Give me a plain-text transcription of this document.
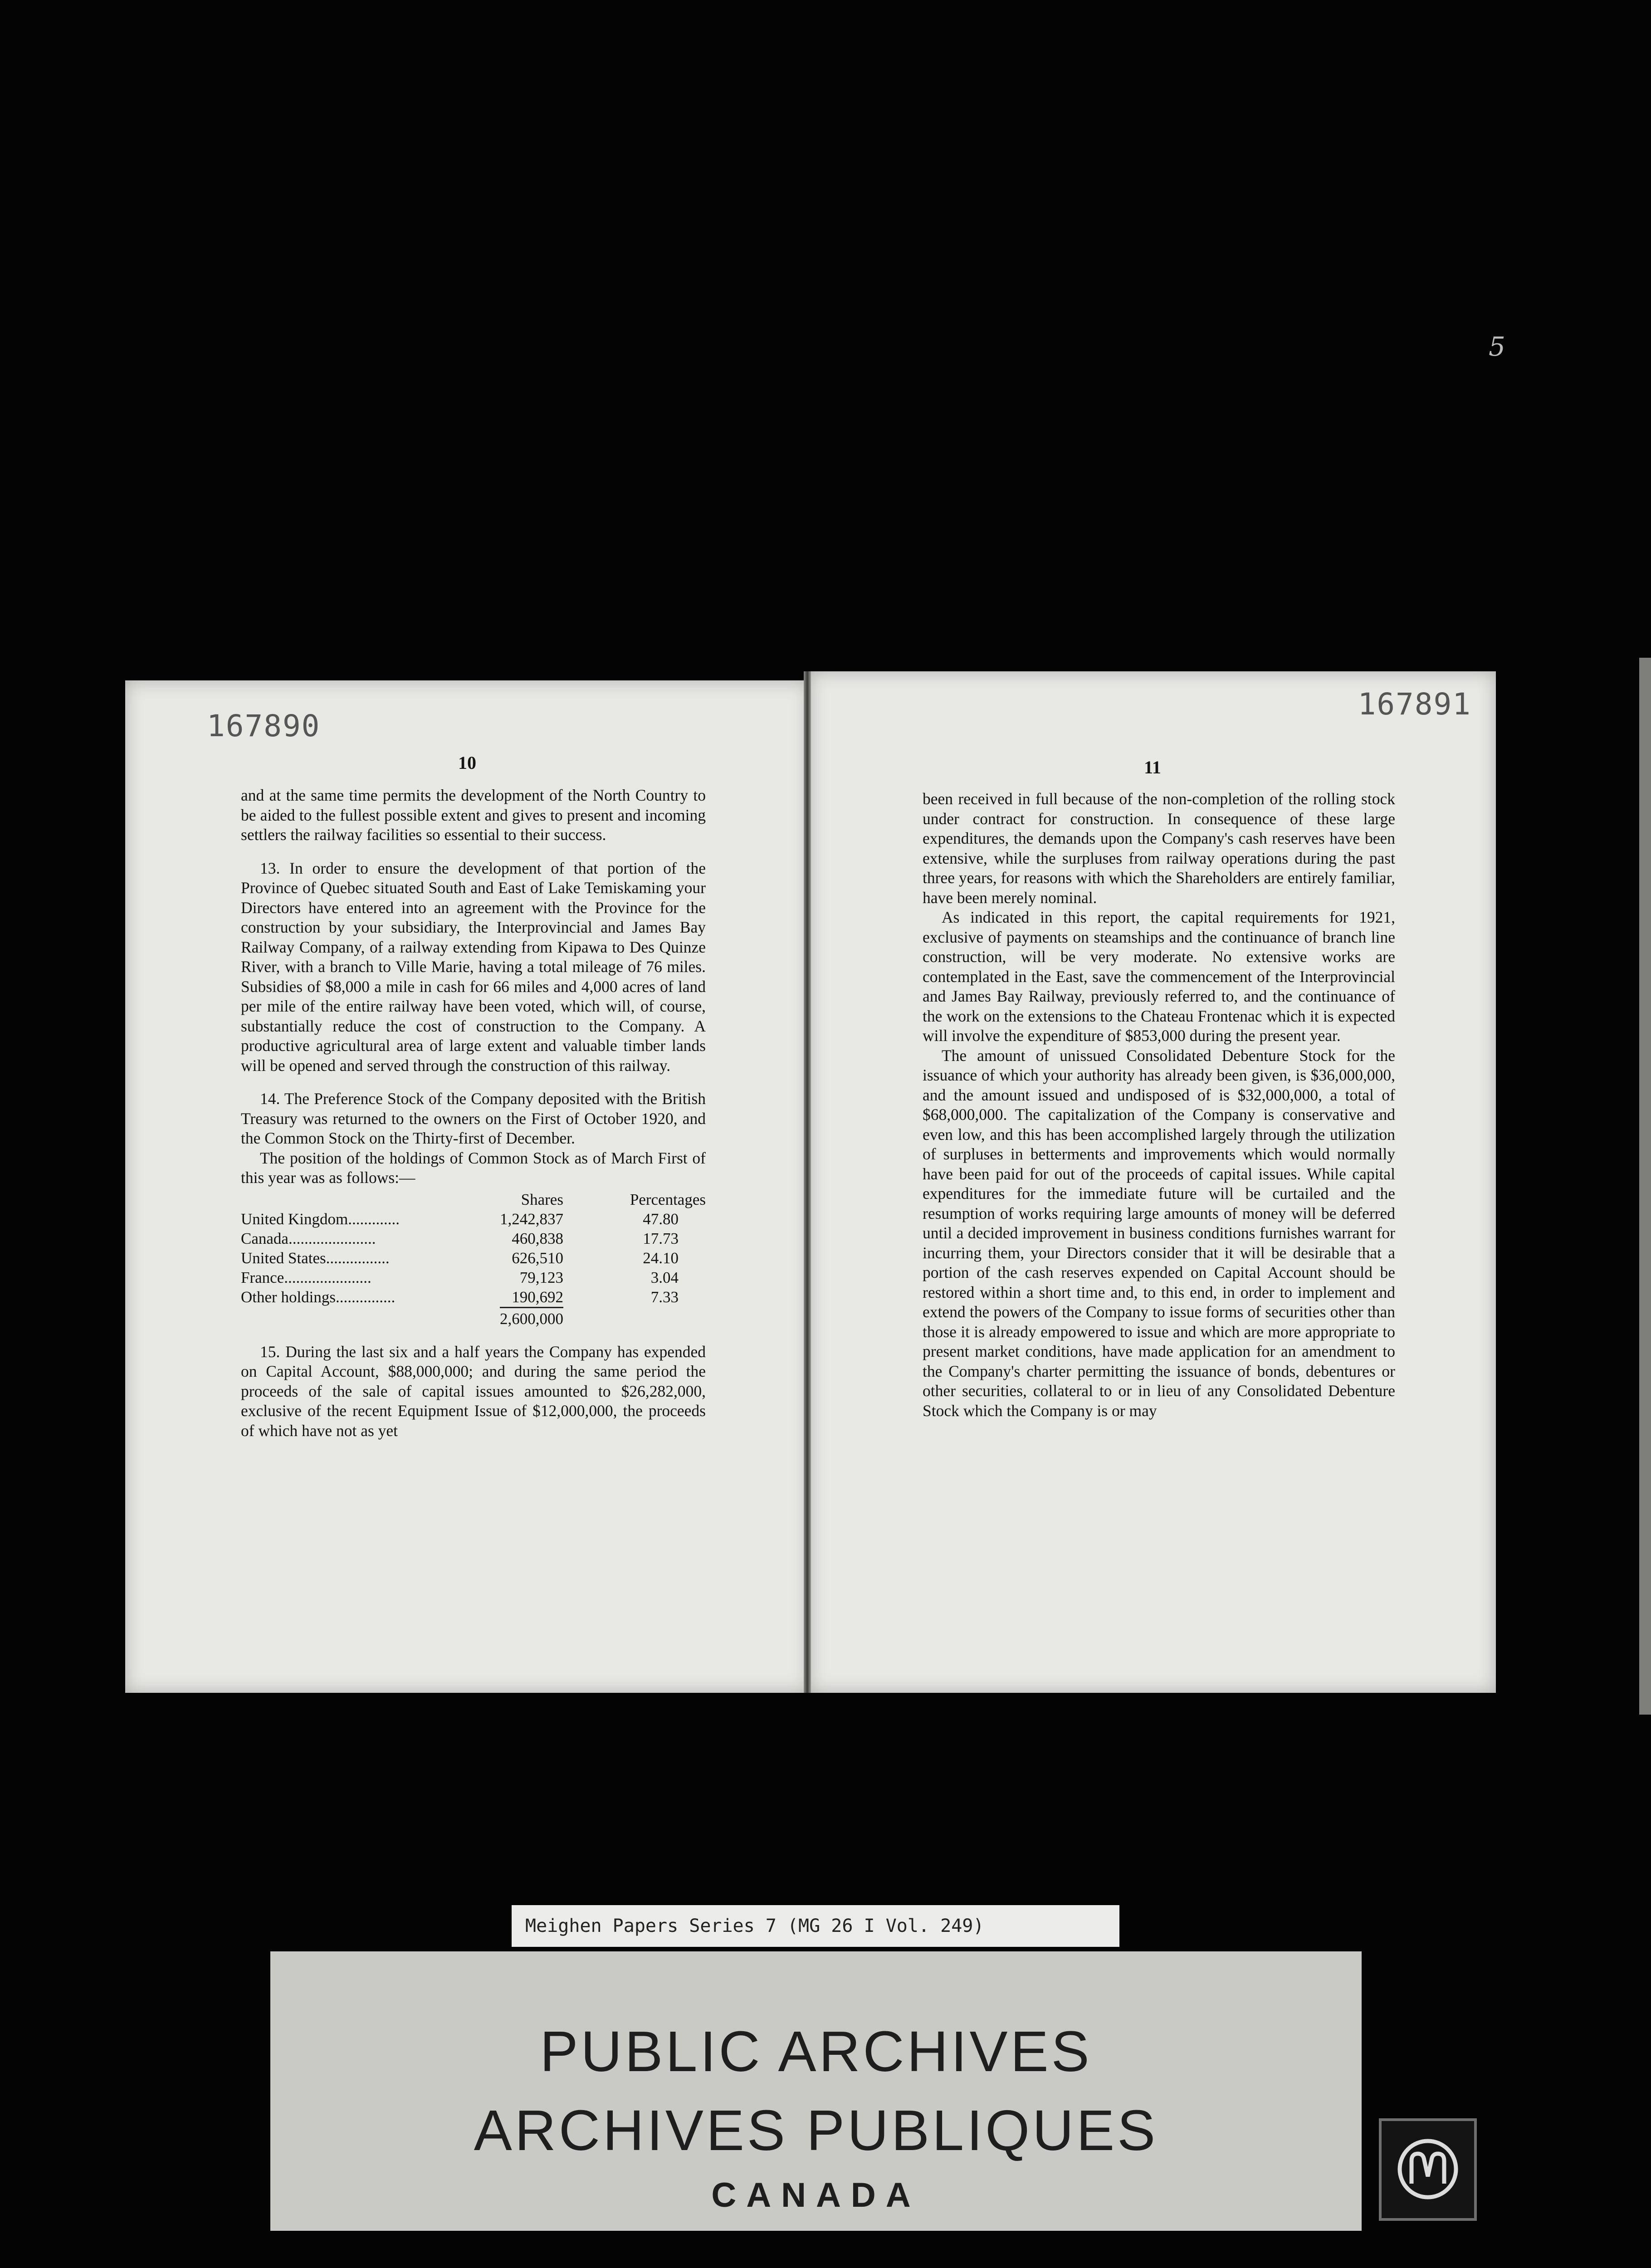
5
167890
10

and at the same time permits the development of the North Country to be aided to the fullest possible extent and gives to present and incoming settlers the railway facilities so essential to their success.

13. In order to ensure the development of that portion of the Province of Quebec situated South and East of Lake Temiskaming your Directors have entered into an agreement with the Province for the construction by your subsidiary, the Interprovincial and James Bay Railway Company, of a railway extending from Kipawa to Des Quinze River, with a branch to Ville Marie, having a total mileage of 76 miles. Subsidies of $8,000 a mile in cash for 66 miles and 4,000 acres of land per mile of the entire railway have been voted, which will, of course, substantially reduce the cost of construction to the Company. A productive agricultural area of large extent and valuable timber lands will be opened and served through the construction of this railway.

14. The Preference Stock of the Company deposited with the British Treasury was returned to the owners on the First of October 1920, and the Common Stock on the Thirty-first of December.

The position of the holdings of Common Stock as of March First of this year was as follows:—

	Shares	Percentages
United Kingdom.............	1,242,837	47.80
Canada......................	460,838	17.73
United States................	626,510	24.10
France......................	79,123	3.04
Other holdings...............	190,692	7.33
	2,600,000	

15. During the last six and a half years the Company has expended on Capital Account, $88,000,000; and during the same period the proceeds of the sale of capital issues amounted to $26,282,000, exclusive of the recent Equipment Issue of $12,000,000, the proceeds of which have not as yet

167891
11

been received in full because of the non-completion of the rolling stock under contract for construction. In consequence of these large expenditures, the demands upon the Company's cash reserves have been extensive, while the surpluses from railway operations during the past three years, for reasons with which the Shareholders are entirely familiar, have been merely nominal.

As indicated in this report, the capital requirements for 1921, exclusive of payments on steamships and the continuance of branch line construction, will be very moderate. No extensive works are contemplated in the East, save the commencement of the Interprovincial and James Bay Railway, previously referred to, and the continuance of the work on the extensions to the Chateau Frontenac which it is expected will involve the expenditure of $853,000 during the present year.

The amount of unissued Consolidated Debenture Stock for the issuance of which your authority has already been given, is $36,000,000, and the amount issued and undisposed of is $32,000,000, a total of $68,000,000. The capitalization of the Company is conservative and even low, and this has been accomplished largely through the utilization of surpluses in betterments and improvements which would normally have been paid for out of the proceeds of capital issues. While capital expenditures for the immediate future will be curtailed and the resumption of works requiring large amounts of money will be deferred until a decided improvement in business conditions furnishes warrant for incurring them, your Directors consider that it will be desirable that a portion of the cash reserves expended on Capital Account should be restored within a short time and, to this end, in order to implement and extend the powers of the Company to issue forms of securities other than those it is already empowered to issue and which are more appropriate to present market conditions, have made application for an amendment to the Company's charter permitting the issuance of bonds, debentures or other securities, collateral to or in lieu of any Consolidated Debenture Stock which the Company is or may

Meighen Papers Series 7 (MG 26 I Vol. 249)
PUBLIC ARCHIVES
ARCHIVES PUBLIQUES
CANADA
